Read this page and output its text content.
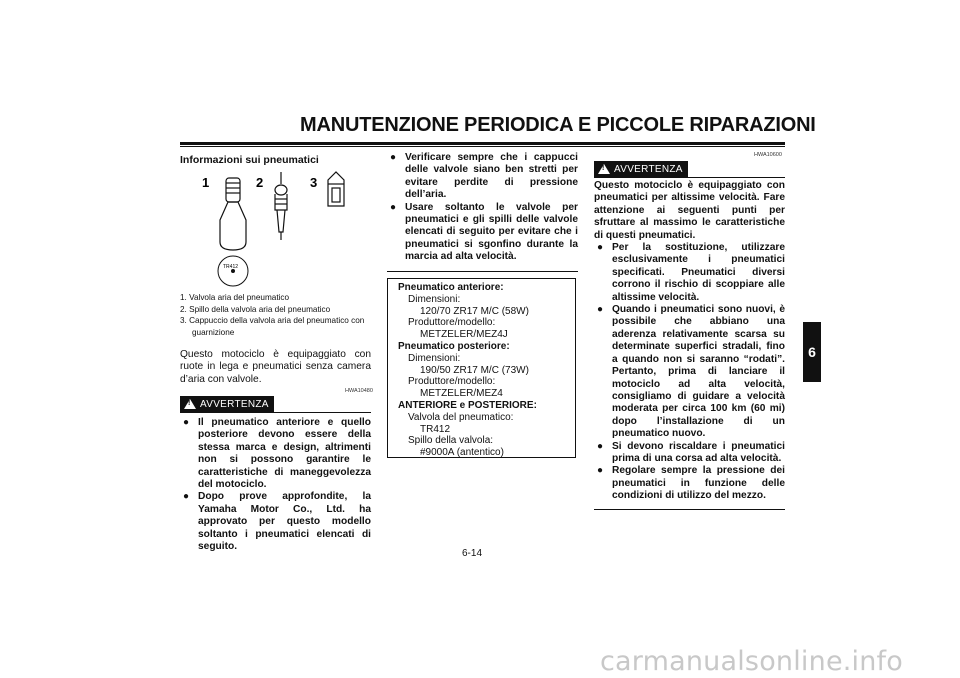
MANUTENZIONE PERIODICA E PICCOLE RIPARAZIONI
6
Informazioni sui pneumatici
1	2	3
TR412
1. Valvola aria del pneumatico
2. Spillo della valvola aria del pneumatico
3. Cappuccio della valvola aria del pneumatico con guarnizione
Questo motociclo è equipaggiato con ruote in lega e pneumatici senza camera d’aria con valvole.
HWA10480
! AVVERTENZA
● Il pneumatico anteriore e quello posteriore devono essere della stessa marca e design, altrimenti non si possono garantire le caratteristiche di maneggevolezza del motociclo.
● Dopo prove approfondite, la Yamaha Motor Co., Ltd. ha approvato per questo modello soltanto i pneumatici elencati di seguito.
● Verificare sempre che i cappucci delle valvole siano ben stretti per evitare perdite di pressione dell’aria.
● Usare soltanto le valvole per pneumatici e gli spilli delle valvole elencati di seguito per evitare che i pneumatici si sgonfino durante la marcia ad alta velocità.
Pneumatico anteriore:
Dimensioni:
120/70 ZR17 M/C (58W)
Produttore/modello:
METZELER/MEZ4J
Pneumatico posteriore:
Dimensioni:
190/50 ZR17 M/C (73W)
Produttore/modello:
METZELER/MEZ4
ANTERIORE e POSTERIORE:
Valvola del pneumatico:
TR412
Spillo della valvola:
#9000A (antentico)
HWA10600
! AVVERTENZA
Questo motociclo è equipaggiato con pneumatici per altissime velocità. Fare attenzione ai seguenti punti per sfruttare al massimo le caratteristiche di questi pneumatici.
● Per la sostituzione, utilizzare esclusivamente i pneumatici specificati. Pneumatici diversi corrono il rischio di scoppiare alle altissime velocità.
● Quando i pneumatici sono nuovi, è possibile che abbiano una aderenza relativamente scarsa su determinate superfici stradali, fino a quando non si saranno “rodati”. Pertanto, prima di lanciare il motociclo ad alta velocità, consigliamo di guidare a velocità moderata per circa 100 km (60 mi) dopo l’installazione di un pneumatico nuovo.
● Si devono riscaldare i pneumatici prima di una corsa ad alta velocità.
● Regolare sempre la pressione dei pneumatici in funzione delle condizioni di utilizzo del mezzo.
6-14
carmanualsonline.info
